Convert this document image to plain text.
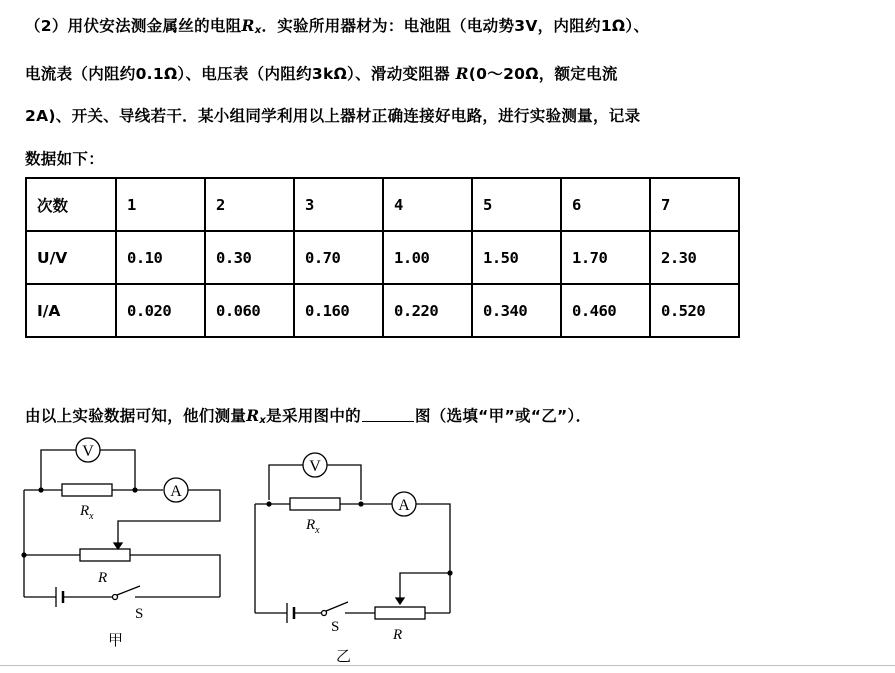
（2）用伏安法测金属丝的电阻$R_x$．实验所用器材为：电池阻（电动势3V，内阻约1Ω）、
电流表（内阻约0.1Ω）、电压表（内阻约3kΩ）、滑动变阻器 R(0～20Ω，额定电流
2A)、开关、导线若干．某小组同学利用以上器材正确连接好电路，进行实验测量，记录
数据如下：
次数	1	2	3	4	5	6	7
U/V	0.10	0.30	0.70	1.00	1.50	1.70	2.30
I/A	0.020	0.060	0.160	0.220	0.340	0.460	0.520
由以上实验数据可知，他们测量$R_x$是采用图中的	图（选填“甲”或“乙”）．
V
A
$R_x$
R
S
甲
V
A
$R_x$
S	R
乙
